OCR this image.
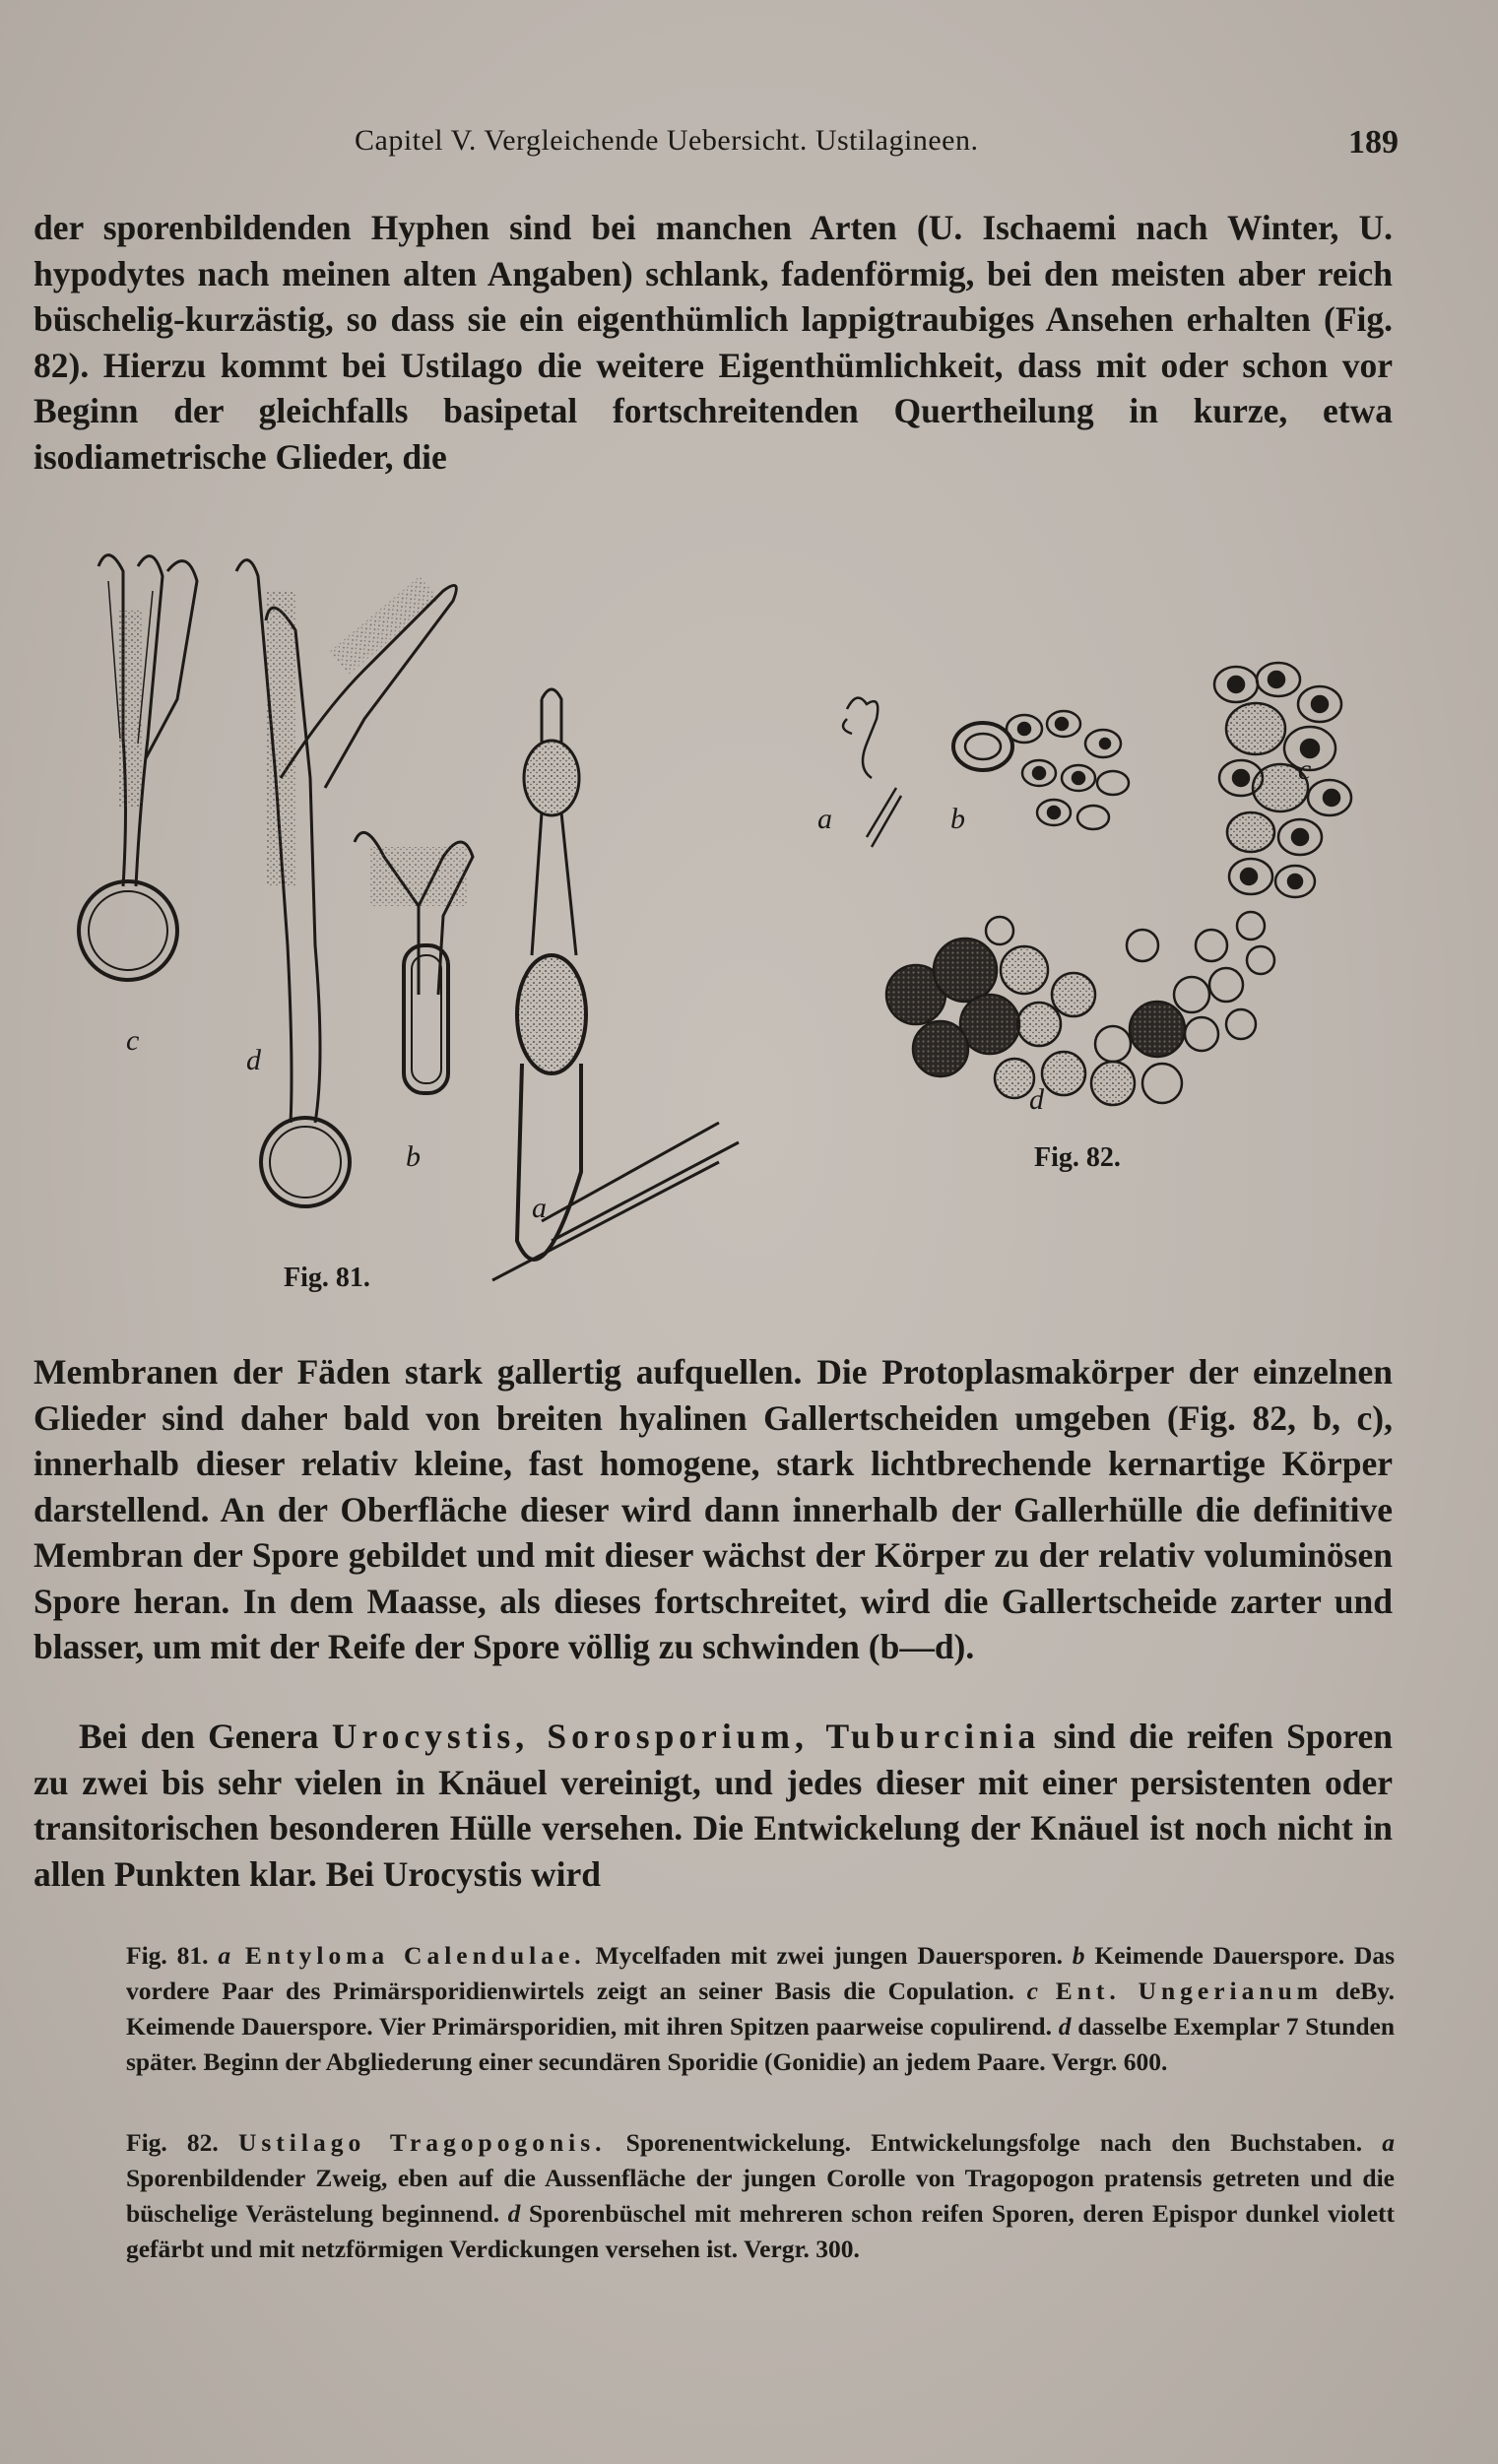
Capitel V. Vergleichende Uebersicht. Ustilagineen.	189

der sporenbildenden Hyphen sind bei manchen Arten (U. Ischaemi nach Winter, U. hypodytes nach meinen alten Angaben) schlank, fadenförmig, bei den meisten aber reich büschelig-kurzästig, so dass sie ein eigenthümlich lappigtraubiges Ansehen erhalten (Fig. 82). Hierzu kommt bei Ustilago die weitere Eigenthümlichkeit, dass mit oder schon vor Beginn der gleichfalls basipetal fortschreitenden Quertheilung in kurze, etwa isodiametrische Glieder, die

c
d
b
a
Fig. 81.
a	b
c
d
Fig. 82.

Membranen der Fäden stark gallertig aufquellen. Die Protoplasmakörper der einzelnen Glieder sind daher bald von breiten hyalinen Gallertscheiden umgeben (Fig. 82, b, c), innerhalb dieser relativ kleine, fast homogene, stark lichtbrechende kernartige Körper darstellend. An der Oberfläche dieser wird dann innerhalb der Gallerhülle die definitive Membran der Spore gebildet und mit dieser wächst der Körper zu der relativ voluminösen Spore heran. In dem Maasse, als dieses fortschreitet, wird die Gallertscheide zarter und blasser, um mit der Reife der Spore völlig zu schwinden (b—d).

Bei den Genera Urocystis, Sorosporium, Tuburcinia sind die reifen Sporen zu zwei bis sehr vielen in Knäuel vereinigt, und jedes dieser mit einer persistenten oder transitorischen besonderen Hülle versehen. Die Entwickelung der Knäuel ist noch nicht in allen Punkten klar. Bei Urocystis wird

Fig. 81. a Entyloma Calendulae. Mycelfaden mit zwei jungen Dauersporen. b Keimende Dauerspore. Das vordere Paar des Primärsporidienwirtels zeigt an seiner Basis die Copulation. c Ent. Ungerianum deBy. Keimende Dauerspore. Vier Primärsporidien, mit ihren Spitzen paarweise copulirend. d dasselbe Exemplar 7 Stunden später. Beginn der Abgliederung einer secundären Sporidie (Gonidie) an jedem Paare. Vergr. 600.

Fig. 82. Ustilago Tragopogonis. Sporenentwickelung. Entwickelungsfolge nach den Buchstaben. a Sporenbildender Zweig, eben auf die Aussenfläche der jungen Corolle von Tragopogon pratensis getreten und die büschelige Verästelung beginnend. d Sporenbüschel mit mehreren schon reifen Sporen, deren Epispor dunkel violett gefärbt und mit netzförmigen Verdickungen versehen ist. Vergr. 300.
